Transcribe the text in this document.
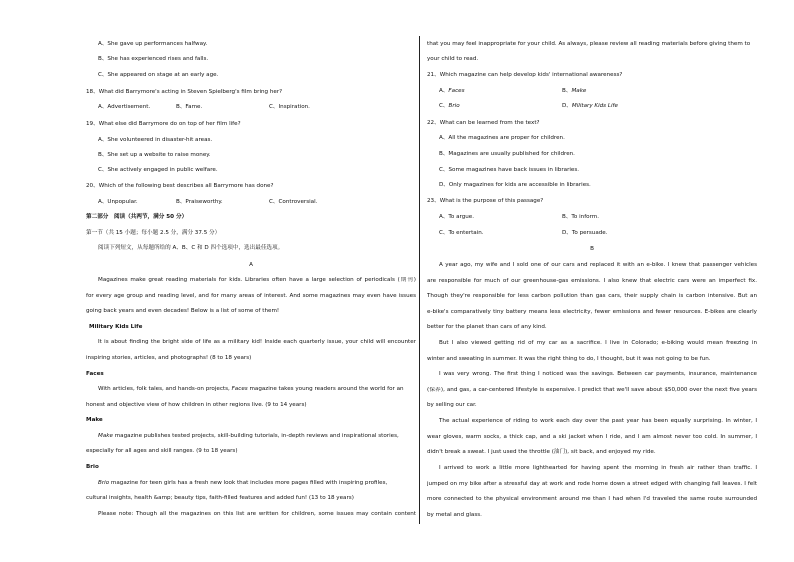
A、She gave up performances halfway.
B、She has experienced rises and falls.
C、She appeared on stage at an early age.
18、What did Barrymore's acting in Steven Spielberg's film bring her?
A、Advertisement.	B、Fame.	C、Inspiration.
19、What else did Barrymore do on top of her film life?
A、She volunteered in disaster-hit areas.
B、She set up a website to raise money.
C、She actively engaged in public welfare.
20、Which of the following best describes all Barrymore has done?
A、Unpopular.	B、Praiseworthy.	C、Controversial.
第二部分　阅读（共两节，满分 50 分）
第一节（共 15 小题；每小题 2.5 分，满分 37.5 分）
阅读下列短文，从每题所给的 A、B、C 和 D 四个选项中，选出最佳选项。
A
Magazines make great reading materials for kids. Libraries often have a large selection of periodicals (期刊)
for every age group and reading level, and for many areas of interest. And some magazines may even have issues
going back years and even decades! Below is a list of some of them!
Military Kids Life
It is about finding the bright side of life as a military kid! Inside each quarterly issue, your child will encounter
inspiring stories, articles, and photographs! (8 to 18 years)
Faces
With articles, folk tales, and hands-on projects, Faces magazine takes young readers around the world for an
honest and objective view of how children in other regions live. (9 to 14 years)
Make
Make magazine publishes tested projects, skill-building tutorials, in-depth reviews and inspirational stories,
especially for all ages and skill ranges. (9 to 18 years)
Brio
Brio magazine for teen girls has a fresh new look that includes more pages filled with inspiring profiles,
cultural insights, health &amp; beauty tips, faith-filled features and added fun! (13 to 18 years)
Please note: Though all the magazines on this list are written for children, some issues may contain content
that you may feel inappropriate for your child. As always, please review all reading materials before giving them to
your child to read.
21、Which magazine can help develop kids' international awareness?
A、Faces	B、Make
C、Brio	D、Military Kids Life
22、What can be learned from the text?
A、All the magazines are proper for children.
B、Magazines are usually published for children.
C、Some magazines have back issues in libraries.
D、Only magazines for kids are accessible in libraries.
23、What is the purpose of this passage?
A、To argue.	B、To inform.
C、To entertain.	D、To persuade.
B
A year ago, my wife and I sold one of our cars and replaced it with an e-bike. I knew that passenger vehicles
are responsible for much of our greenhouse-gas emissions. I also knew that electric cars were an imperfect fix.
Though they're responsible for less carbon pollution than gas cars, their supply chain is carbon intensive. But an
e-bike's comparatively tiny battery means less electricity, fewer emissions and fewer resources. E-bikes are clearly
better for the planet than cars of any kind.
But I also viewed getting rid of my car as a sacrifice. I live in Colorado; e-biking would mean freezing in
winter and sweating in summer. It was the right thing to do, I thought, but it was not going to be fun.
I was very wrong. The first thing I noticed was the savings. Between car payments, insurance, maintenance
(保养), and gas, a car-centered lifestyle is expensive. I predict that we'll save about $50,000 over the next five years
by selling our car.
The actual experience of riding to work each day over the past year has been equally surprising. In winter, I
wear gloves, warm socks, a thick cap, and a ski jacket when I ride, and I am almost never too cold. In summer, I
didn't break a sweat. I just used the throttle (油门), sit back, and enjoyed my ride.
I arrived to work a little more lighthearted for having spent the morning in fresh air rather than traffic. I
jumped on my bike after a stressful day at work and rode home down a street edged with changing fall leaves. I felt
more connected to the physical environment around me than I had when I'd traveled the same route surrounded
by metal and glass.
